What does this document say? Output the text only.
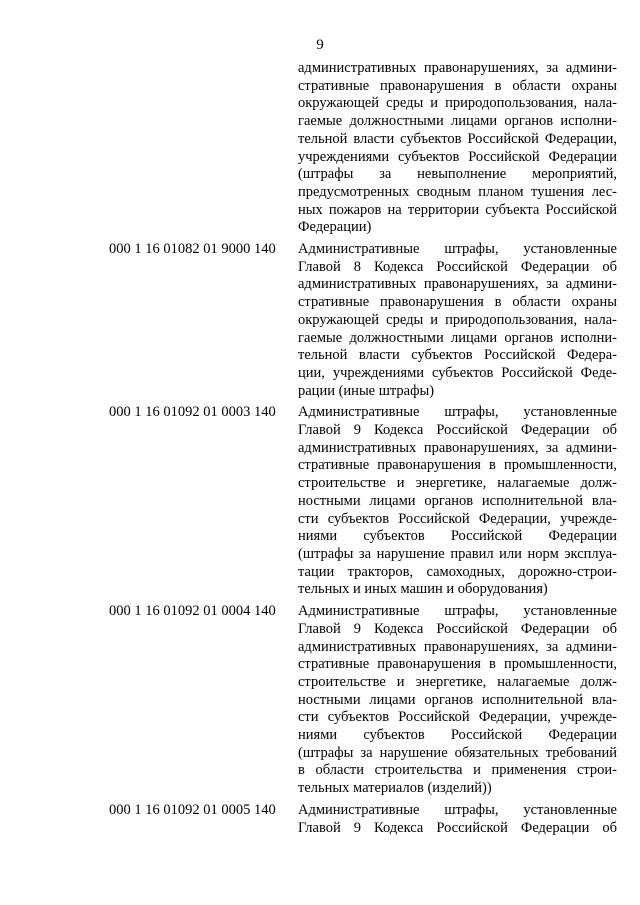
9
административных правонарушениях, за админи-
стративные правонарушения в области охраны
окружающей среды и природопользования, нала-
гаемые должностными лицами органов исполни-
тельной власти субъектов Российской Федерации,
учреждениями субъектов Российской Федерации
(штрафы за невыполнение мероприятий,
предусмотренных сводным планом тушения лес-
ных пожаров на территории субъекта Российской
Федерации)
000 1 16 01082 01 9000 140	Административные штрафы, установленные
Главой 8 Кодекса Российской Федерации об
административных правонарушениях, за админи-
стративные правонарушения в области охраны
окружающей среды и природопользования, нала-
гаемые должностными лицами органов исполни-
тельной власти субъектов Российской Федера-
ции, учреждениями субъектов Российской Феде-
рации (иные штрафы)
000 1 16 01092 01 0003 140	Административные штрафы, установленные
Главой 9 Кодекса Российской Федерации об
административных правонарушениях, за админи-
стративные правонарушения в промышленности,
строительстве и энергетике, налагаемые долж-
ностными лицами органов исполнительной вла-
сти субъектов Российской Федерации, учрежде-
ниями субъектов Российской Федерации
(штрафы за нарушение правил или норм эксплуа-
тации тракторов, самоходных, дорожно-строи-
тельных и иных машин и оборудования)
000 1 16 01092 01 0004 140	Административные штрафы, установленные
Главой 9 Кодекса Российской Федерации об
административных правонарушениях, за админи-
стративные правонарушения в промышленности,
строительстве и энергетике, налагаемые долж-
ностными лицами органов исполнительной вла-
сти субъектов Российской Федерации, учрежде-
ниями субъектов Российской Федерации
(штрафы за нарушение обязательных требований
в области строительства и применения строи-
тельных материалов (изделий))
000 1 16 01092 01 0005 140	Административные штрафы, установленные
Главой 9 Кодекса Российской Федерации об
